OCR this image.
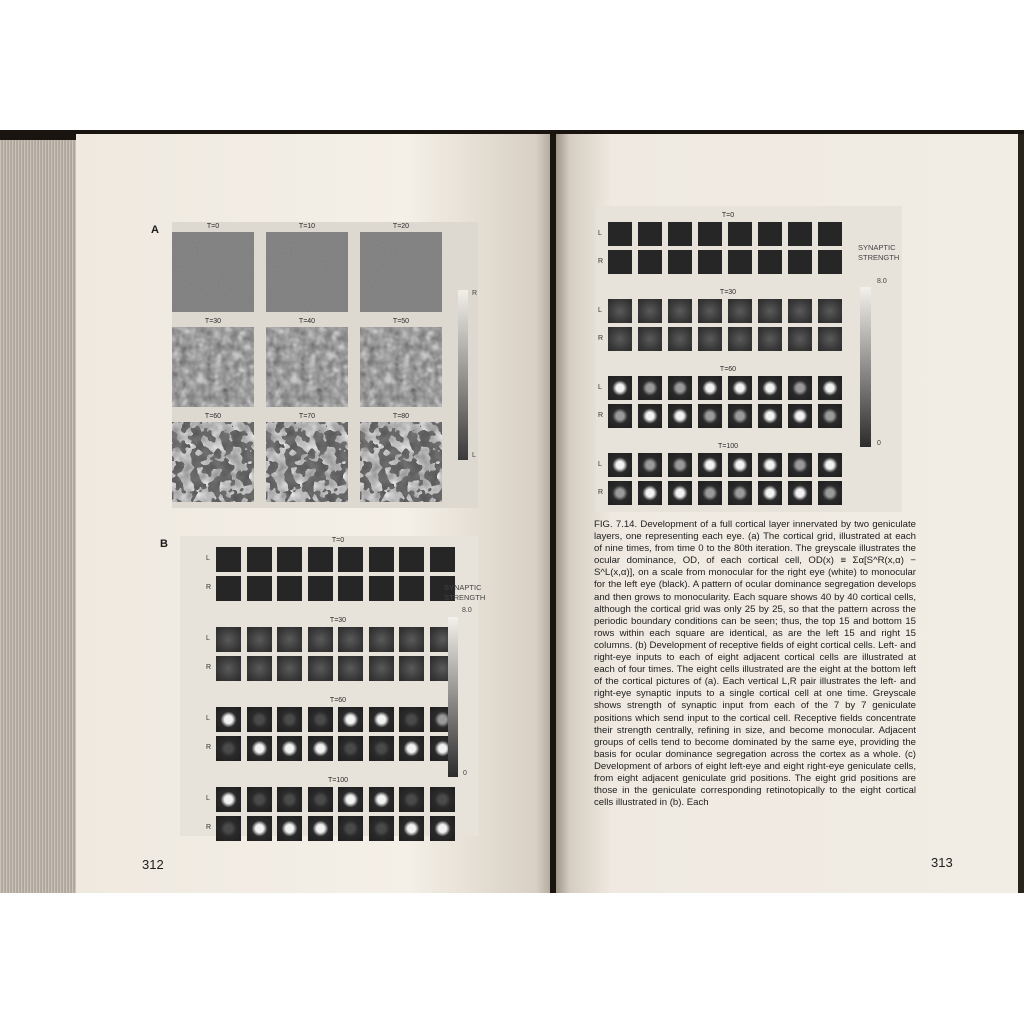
A	T=0	T=10	T=20
T=30	T=40	T=50
T=60	T=70	T=80
R
L
B	T=0
L
R
T=30
L
R
T=60
L
R
T=100
L
R
SYNAPTIC
STRENGTH
8.0
0
312
T=0
L
R
T=30
L
R
T=60
L
R
T=100
L
R
SYNAPTIC
STRENGTH
8.0
0
FIG. 7.14. Development of a full cortical layer innervated by two geniculate layers, one representing each eye. (a) The cortical grid, illustrated at each of nine times, from time 0 to the 80th iteration. The greyscale illustrates the ocular dominance, OD, of each cortical cell, OD(x) ≡ Σα[S^R(x,α) − S^L(x,α)], on a scale from monocular for the right eye (white) to monocular for the left eye (black). A pattern of ocular dominance segregation develops and then grows to monocularity. Each square shows 40 by 40 cortical cells, although the cortical grid was only 25 by 25, so that the pattern across the periodic boundary conditions can be seen; thus, the top 15 and bottom 15 rows within each square are identical, as are the left 15 and right 15 columns. (b) Development of receptive fields of eight cortical cells. Left- and right-eye inputs to each of eight adjacent cortical cells are illustrated at each of four times. The eight cells illustrated are the eight at the bottom left of the cortical pictures of (a). Each vertical L,R pair illustrates the left- and right-eye synaptic inputs to a single cortical cell at one time. Greyscale shows strength of synaptic input from each of the 7 by 7 geniculate positions which send input to the cortical cell. Receptive fields concentrate their strength centrally, refining in size, and become monocular. Adjacent groups of cells tend to become dominated by the same eye, providing the basis for ocular dominance segregation across the cortex as a whole. (c) Development of arbors of eight left-eye and eight right-eye geniculate cells, from eight adjacent geniculate grid positions. The eight grid positions are those in the geniculate corresponding retinotopically to the eight cortical cells illustrated in (b). Each
313
